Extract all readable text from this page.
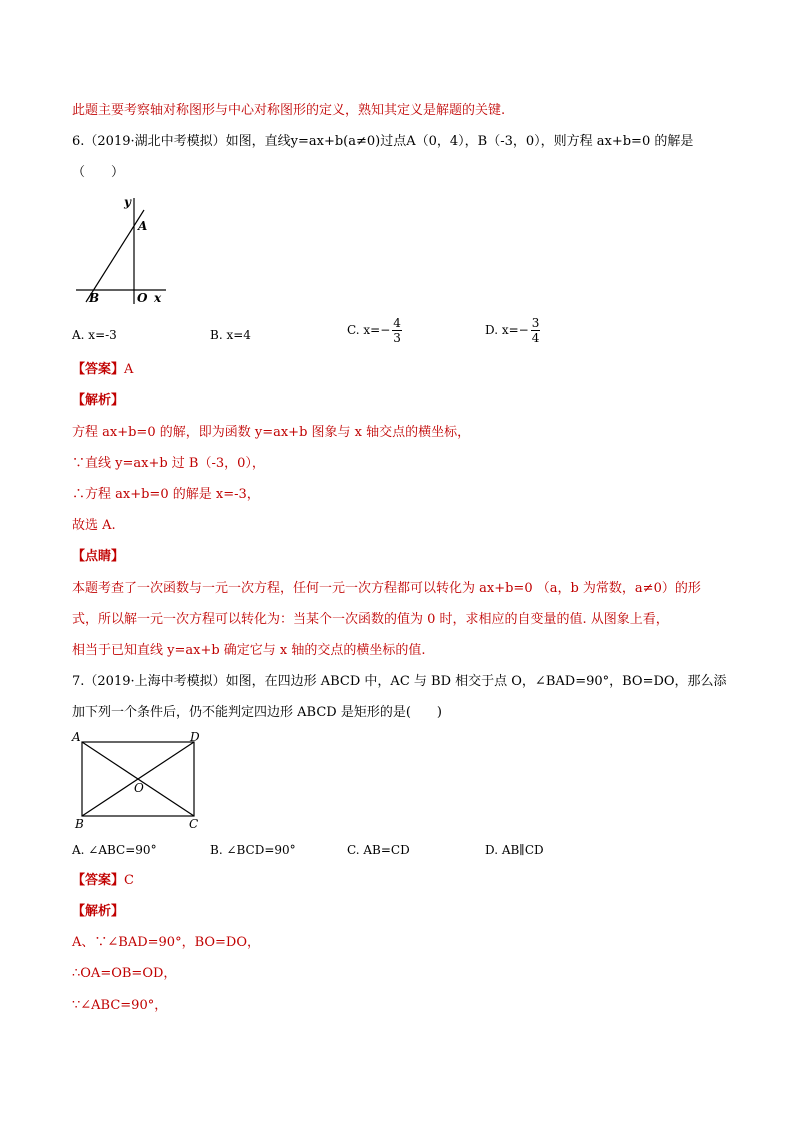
此题主要考察轴对称图形与中心对称图形的定义，熟知其定义是解题的关键.
6.（2019·湖北中考模拟）如图，直线y=ax+b(a≠0)过点A（0，4），B（-3，0），则方程 ax+b=0 的解是
（　　）
y
A
B	O x
A. x=-3	B. x=4	C. $x=- \frac{4}{3}$	D. $x=- \frac{3}{4}$
【答案】A
【解析】
方程 ax+b=0 的解，即为函数 y=ax+b 图象与 x 轴交点的横坐标，
∵直线 y=ax+b 过 B（-3，0），
∴方程 ax+b=0 的解是 x=-3，
故选 A.
【点睛】
本题考查了一次函数与一元一次方程，任何一元一次方程都可以转化为 ax+b=0 （a，b 为常数，a≠0）的形
式，所以解一元一次方程可以转化为：当某个一次函数的值为 0 时，求相应的自变量的值. 从图象上看，
相当于已知直线 y=ax+b 确定它与 x 轴的交点的横坐标的值.
7.（2019·上海中考模拟）如图，在四边形 ABCD 中，AC 与 BD 相交于点 O，∠BAD=90°，BO=DO，那么添
加下列一个条件后，仍不能判定四边形 ABCD 是矩形的是(　　)
A	D
O
B	C
A. ∠ABC=90°	B. ∠BCD=90°	C. AB=CD	D. AB∥CD
【答案】C
【解析】
A、∵∠BAD=90°，BO=DO，
∴OA=OB=OD，
∵∠ABC=90°，
